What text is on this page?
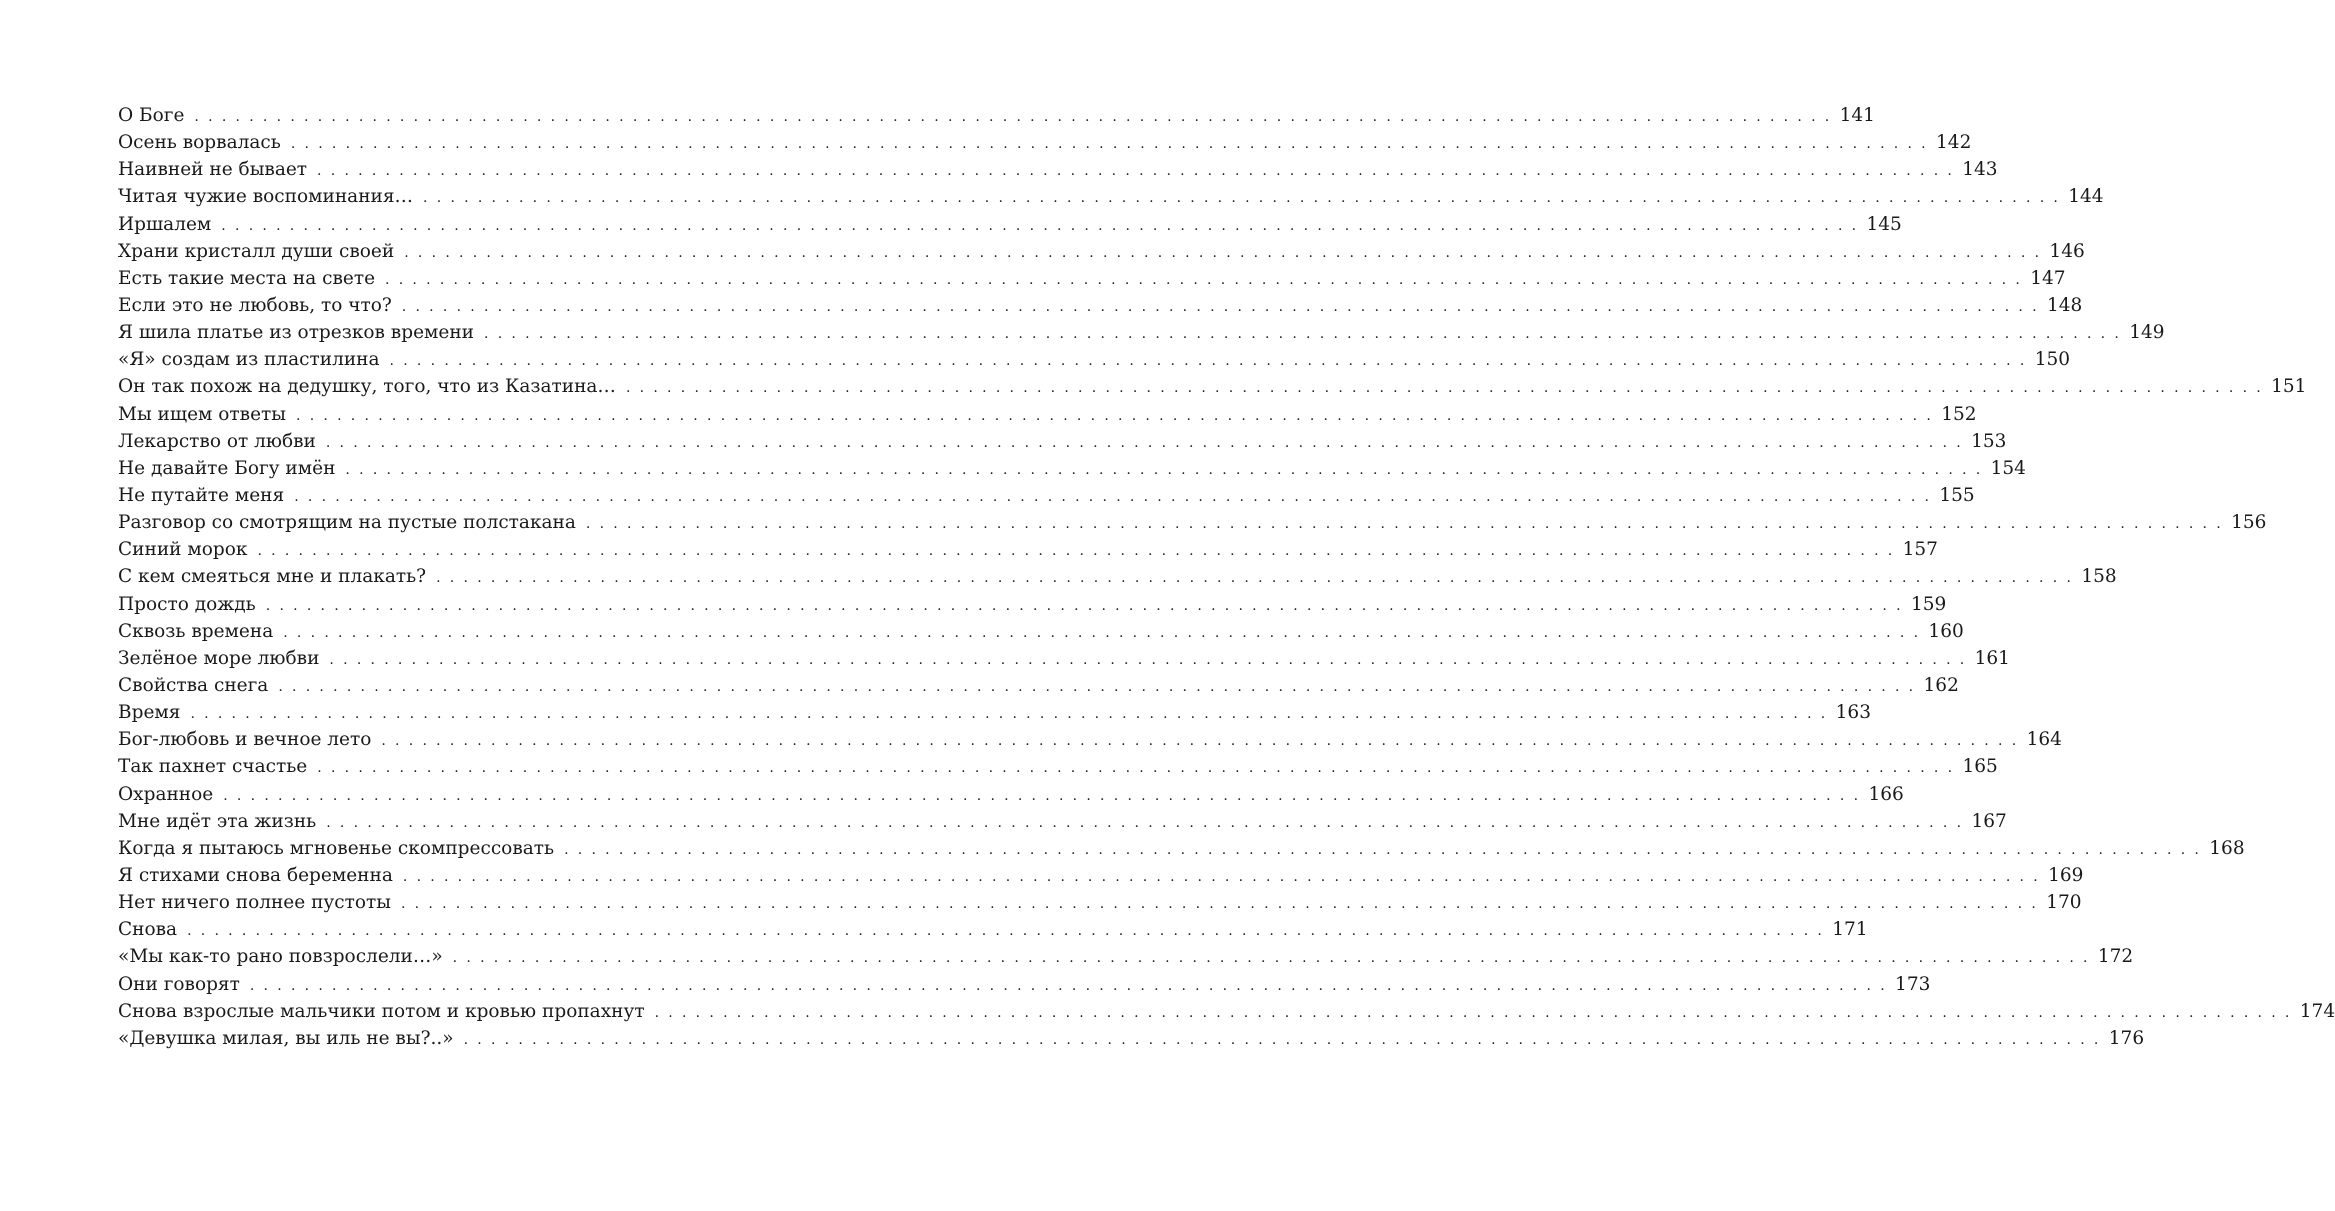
О Боге . . . . . . . . . . . . . . . . . . . . . . . . . . . . . . . . . . . . . . . . . . . . . . . . . . . . . . . . . . . . . . . . . . . . . . . . . . . . . . . . . . . . . . . . . . . . . . . . . . . . . . . . . . . . . . . . . . . . . . . . 141
Осень ворвалась . . . . . . . . . . . . . . . . . . . . . . . . . . . . . . . . . . . . . . . . . . . . . . . . . . . . . . . . . . . . . . . . . . . . . . . . . . . . . . . . . . . . . . . . . . . . . . . . . . . . . . . . . . . . . . . . . . . . . . . . 142
Наивней не бывает . . . . . . . . . . . . . . . . . . . . . . . . . . . . . . . . . . . . . . . . . . . . . . . . . . . . . . . . . . . . . . . . . . . . . . . . . . . . . . . . . . . . . . . . . . . . . . . . . . . . . . . . . . . . . . . . . . . . . . . . 143
Читая чужие воспоминания… . . . . . . . . . . . . . . . . . . . . . . . . . . . . . . . . . . . . . . . . . . . . . . . . . . . . . . . . . . . . . . . . . . . . . . . . . . . . . . . . . . . . . . . . . . . . . . . . . . . . . . . . . . . . . . . . . . . . . . . . 144
Иршалем . . . . . . . . . . . . . . . . . . . . . . . . . . . . . . . . . . . . . . . . . . . . . . . . . . . . . . . . . . . . . . . . . . . . . . . . . . . . . . . . . . . . . . . . . . . . . . . . . . . . . . . . . . . . . . . . . . . . . . . . 145
Храни кристалл души своей . . . . . . . . . . . . . . . . . . . . . . . . . . . . . . . . . . . . . . . . . . . . . . . . . . . . . . . . . . . . . . . . . . . . . . . . . . . . . . . . . . . . . . . . . . . . . . . . . . . . . . . . . . . . . . . . . . . . . . . . 146
Есть такие места на свете . . . . . . . . . . . . . . . . . . . . . . . . . . . . . . . . . . . . . . . . . . . . . . . . . . . . . . . . . . . . . . . . . . . . . . . . . . . . . . . . . . . . . . . . . . . . . . . . . . . . . . . . . . . . . . . . . . . . . . . . 147
Если это не любовь, то что? . . . . . . . . . . . . . . . . . . . . . . . . . . . . . . . . . . . . . . . . . . . . . . . . . . . . . . . . . . . . . . . . . . . . . . . . . . . . . . . . . . . . . . . . . . . . . . . . . . . . . . . . . . . . . . . . . . . . . . . . 148
Я шила платье из отрезков времени . . . . . . . . . . . . . . . . . . . . . . . . . . . . . . . . . . . . . . . . . . . . . . . . . . . . . . . . . . . . . . . . . . . . . . . . . . . . . . . . . . . . . . . . . . . . . . . . . . . . . . . . . . . . . . . . . . . . . . . . 149
«Я» создам из пластилина . . . . . . . . . . . . . . . . . . . . . . . . . . . . . . . . . . . . . . . . . . . . . . . . . . . . . . . . . . . . . . . . . . . . . . . . . . . . . . . . . . . . . . . . . . . . . . . . . . . . . . . . . . . . . . . . . . . . . . . . 150
Он так похож на дедушку, того, что из Казатина… . . . . . . . . . . . . . . . . . . . . . . . . . . . . . . . . . . . . . . . . . . . . . . . . . . . . . . . . . . . . . . . . . . . . . . . . . . . . . . . . . . . . . . . . . . . . . . . . . . . . . . . . . . . . . . . . . . . . . . . . 151
Мы ищем ответы . . . . . . . . . . . . . . . . . . . . . . . . . . . . . . . . . . . . . . . . . . . . . . . . . . . . . . . . . . . . . . . . . . . . . . . . . . . . . . . . . . . . . . . . . . . . . . . . . . . . . . . . . . . . . . . . . . . . . . . . 152
Лекарство от любви . . . . . . . . . . . . . . . . . . . . . . . . . . . . . . . . . . . . . . . . . . . . . . . . . . . . . . . . . . . . . . . . . . . . . . . . . . . . . . . . . . . . . . . . . . . . . . . . . . . . . . . . . . . . . . . . . . . . . . . . 153
Не давайте Богу имён . . . . . . . . . . . . . . . . . . . . . . . . . . . . . . . . . . . . . . . . . . . . . . . . . . . . . . . . . . . . . . . . . . . . . . . . . . . . . . . . . . . . . . . . . . . . . . . . . . . . . . . . . . . . . . . . . . . . . . . . 154
Не путайте меня . . . . . . . . . . . . . . . . . . . . . . . . . . . . . . . . . . . . . . . . . . . . . . . . . . . . . . . . . . . . . . . . . . . . . . . . . . . . . . . . . . . . . . . . . . . . . . . . . . . . . . . . . . . . . . . . . . . . . . . . 155
Разговор со смотрящим на пустые полстакана . . . . . . . . . . . . . . . . . . . . . . . . . . . . . . . . . . . . . . . . . . . . . . . . . . . . . . . . . . . . . . . . . . . . . . . . . . . . . . . . . . . . . . . . . . . . . . . . . . . . . . . . . . . . . . . . . . . . . . . . 156
Синий морок . . . . . . . . . . . . . . . . . . . . . . . . . . . . . . . . . . . . . . . . . . . . . . . . . . . . . . . . . . . . . . . . . . . . . . . . . . . . . . . . . . . . . . . . . . . . . . . . . . . . . . . . . . . . . . . . . . . . . . . . 157
С кем смеяться мне и плакать? . . . . . . . . . . . . . . . . . . . . . . . . . . . . . . . . . . . . . . . . . . . . . . . . . . . . . . . . . . . . . . . . . . . . . . . . . . . . . . . . . . . . . . . . . . . . . . . . . . . . . . . . . . . . . . . . . . . . . . . . 158
Просто дождь . . . . . . . . . . . . . . . . . . . . . . . . . . . . . . . . . . . . . . . . . . . . . . . . . . . . . . . . . . . . . . . . . . . . . . . . . . . . . . . . . . . . . . . . . . . . . . . . . . . . . . . . . . . . . . . . . . . . . . . . 159
Сквозь времена . . . . . . . . . . . . . . . . . . . . . . . . . . . . . . . . . . . . . . . . . . . . . . . . . . . . . . . . . . . . . . . . . . . . . . . . . . . . . . . . . . . . . . . . . . . . . . . . . . . . . . . . . . . . . . . . . . . . . . . . 160
Зелёное море любви . . . . . . . . . . . . . . . . . . . . . . . . . . . . . . . . . . . . . . . . . . . . . . . . . . . . . . . . . . . . . . . . . . . . . . . . . . . . . . . . . . . . . . . . . . . . . . . . . . . . . . . . . . . . . . . . . . . . . . . . 161
Свойства снега . . . . . . . . . . . . . . . . . . . . . . . . . . . . . . . . . . . . . . . . . . . . . . . . . . . . . . . . . . . . . . . . . . . . . . . . . . . . . . . . . . . . . . . . . . . . . . . . . . . . . . . . . . . . . . . . . . . . . . . . 162
Время . . . . . . . . . . . . . . . . . . . . . . . . . . . . . . . . . . . . . . . . . . . . . . . . . . . . . . . . . . . . . . . . . . . . . . . . . . . . . . . . . . . . . . . . . . . . . . . . . . . . . . . . . . . . . . . . . . . . . . . . 163
Бог-любовь и вечное лето . . . . . . . . . . . . . . . . . . . . . . . . . . . . . . . . . . . . . . . . . . . . . . . . . . . . . . . . . . . . . . . . . . . . . . . . . . . . . . . . . . . . . . . . . . . . . . . . . . . . . . . . . . . . . . . . . . . . . . . . 164
Так пахнет счастье . . . . . . . . . . . . . . . . . . . . . . . . . . . . . . . . . . . . . . . . . . . . . . . . . . . . . . . . . . . . . . . . . . . . . . . . . . . . . . . . . . . . . . . . . . . . . . . . . . . . . . . . . . . . . . . . . . . . . . . . 165
Охранное . . . . . . . . . . . . . . . . . . . . . . . . . . . . . . . . . . . . . . . . . . . . . . . . . . . . . . . . . . . . . . . . . . . . . . . . . . . . . . . . . . . . . . . . . . . . . . . . . . . . . . . . . . . . . . . . . . . . . . . . 166
Мне идёт эта жизнь . . . . . . . . . . . . . . . . . . . . . . . . . . . . . . . . . . . . . . . . . . . . . . . . . . . . . . . . . . . . . . . . . . . . . . . . . . . . . . . . . . . . . . . . . . . . . . . . . . . . . . . . . . . . . . . . . . . . . . . . 167
Когда я пытаюсь мгновенье скомпрессовать . . . . . . . . . . . . . . . . . . . . . . . . . . . . . . . . . . . . . . . . . . . . . . . . . . . . . . . . . . . . . . . . . . . . . . . . . . . . . . . . . . . . . . . . . . . . . . . . . . . . . . . . . . . . . . . . . . . . . . . . 168
Я стихами снова беременна . . . . . . . . . . . . . . . . . . . . . . . . . . . . . . . . . . . . . . . . . . . . . . . . . . . . . . . . . . . . . . . . . . . . . . . . . . . . . . . . . . . . . . . . . . . . . . . . . . . . . . . . . . . . . . . . . . . . . . . . 169
Нет ничего полнее пустоты . . . . . . . . . . . . . . . . . . . . . . . . . . . . . . . . . . . . . . . . . . . . . . . . . . . . . . . . . . . . . . . . . . . . . . . . . . . . . . . . . . . . . . . . . . . . . . . . . . . . . . . . . . . . . . . . . . . . . . . . 170
Снова . . . . . . . . . . . . . . . . . . . . . . . . . . . . . . . . . . . . . . . . . . . . . . . . . . . . . . . . . . . . . . . . . . . . . . . . . . . . . . . . . . . . . . . . . . . . . . . . . . . . . . . . . . . . . . . . . . . . . . . . 171
«Мы как-то рано повзрослели…» . . . . . . . . . . . . . . . . . . . . . . . . . . . . . . . . . . . . . . . . . . . . . . . . . . . . . . . . . . . . . . . . . . . . . . . . . . . . . . . . . . . . . . . . . . . . . . . . . . . . . . . . . . . . . . . . . . . . . . . . 172
Они говорят . . . . . . . . . . . . . . . . . . . . . . . . . . . . . . . . . . . . . . . . . . . . . . . . . . . . . . . . . . . . . . . . . . . . . . . . . . . . . . . . . . . . . . . . . . . . . . . . . . . . . . . . . . . . . . . . . . . . . . . . 173
Снова взрослые мальчики потом и кровью пропахнут . . . . . . . . . . . . . . . . . . . . . . . . . . . . . . . . . . . . . . . . . . . . . . . . . . . . . . . . . . . . . . . . . . . . . . . . . . . . . . . . . . . . . . . . . . . . . . . . . . . . . . . . . . . . . . . . . . . . . . . . 174
«Девушка милая, вы иль не вы?..» . . . . . . . . . . . . . . . . . . . . . . . . . . . . . . . . . . . . . . . . . . . . . . . . . . . . . . . . . . . . . . . . . . . . . . . . . . . . . . . . . . . . . . . . . . . . . . . . . . . . . . . . . . . . . . . . . . . . . . . . 176
